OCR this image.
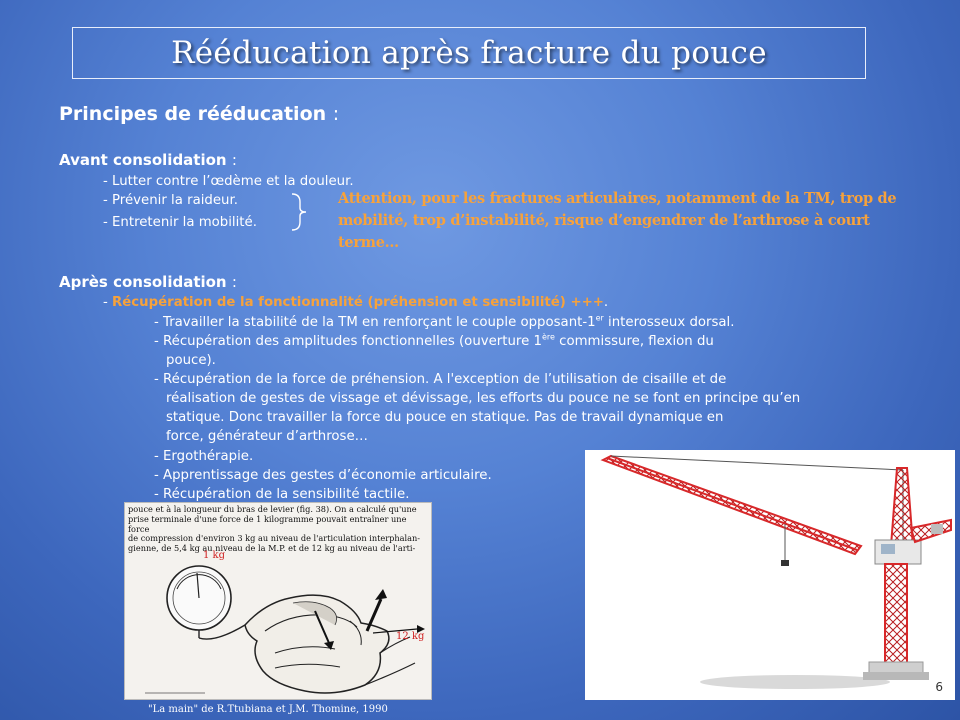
Rééducation après fracture du pouce
Principes de rééducation :
Avant consolidation :
- Lutter contre l’œdème et la douleur.
- Prévenir la raideur.
- Entretenir la mobilité.
Attention, pour les fractures articulaires, notamment de la TM, trop de mobilité, trop d’instabilité, risque d’engendrer de l’arthrose à court terme…
Après consolidation :
- Récupération de la fonctionnalité (préhension et sensibilité) +++.
- Travailler la stabilité de la TM en renforçant le couple opposant-1er interosseux dorsal.
- Récupération des amplitudes fonctionnelles (ouverture 1ère commissure, flexion du
pouce).
- Récupération de la force de préhension. A l'exception de l’utilisation de cisaille et de
réalisation de gestes de vissage et dévissage, les efforts du pouce ne se font en principe qu’en
statique. Donc travailler la force du pouce en statique. Pas de travail dynamique en
force, générateur d’arthrose…
- Ergothérapie.
- Apprentissage des gestes d’économie articulaire.
- Récupération de la sensibilité tactile.
pouce et à la longueur du bras de levier (fig. 38). On a calculé qu'une
prise terminale d'une force de 1 kilogramme pouvait entraîner une force
de compression d'environ 3 kg au niveau de l'articulation interphalan-
gienne, de 5,4 kg au niveau de la M.P. et de 12 kg au niveau de l'arti-
1 kg
12 kg
"La main" de R.Ttubiana et J.M. Thomine, 1990
6
